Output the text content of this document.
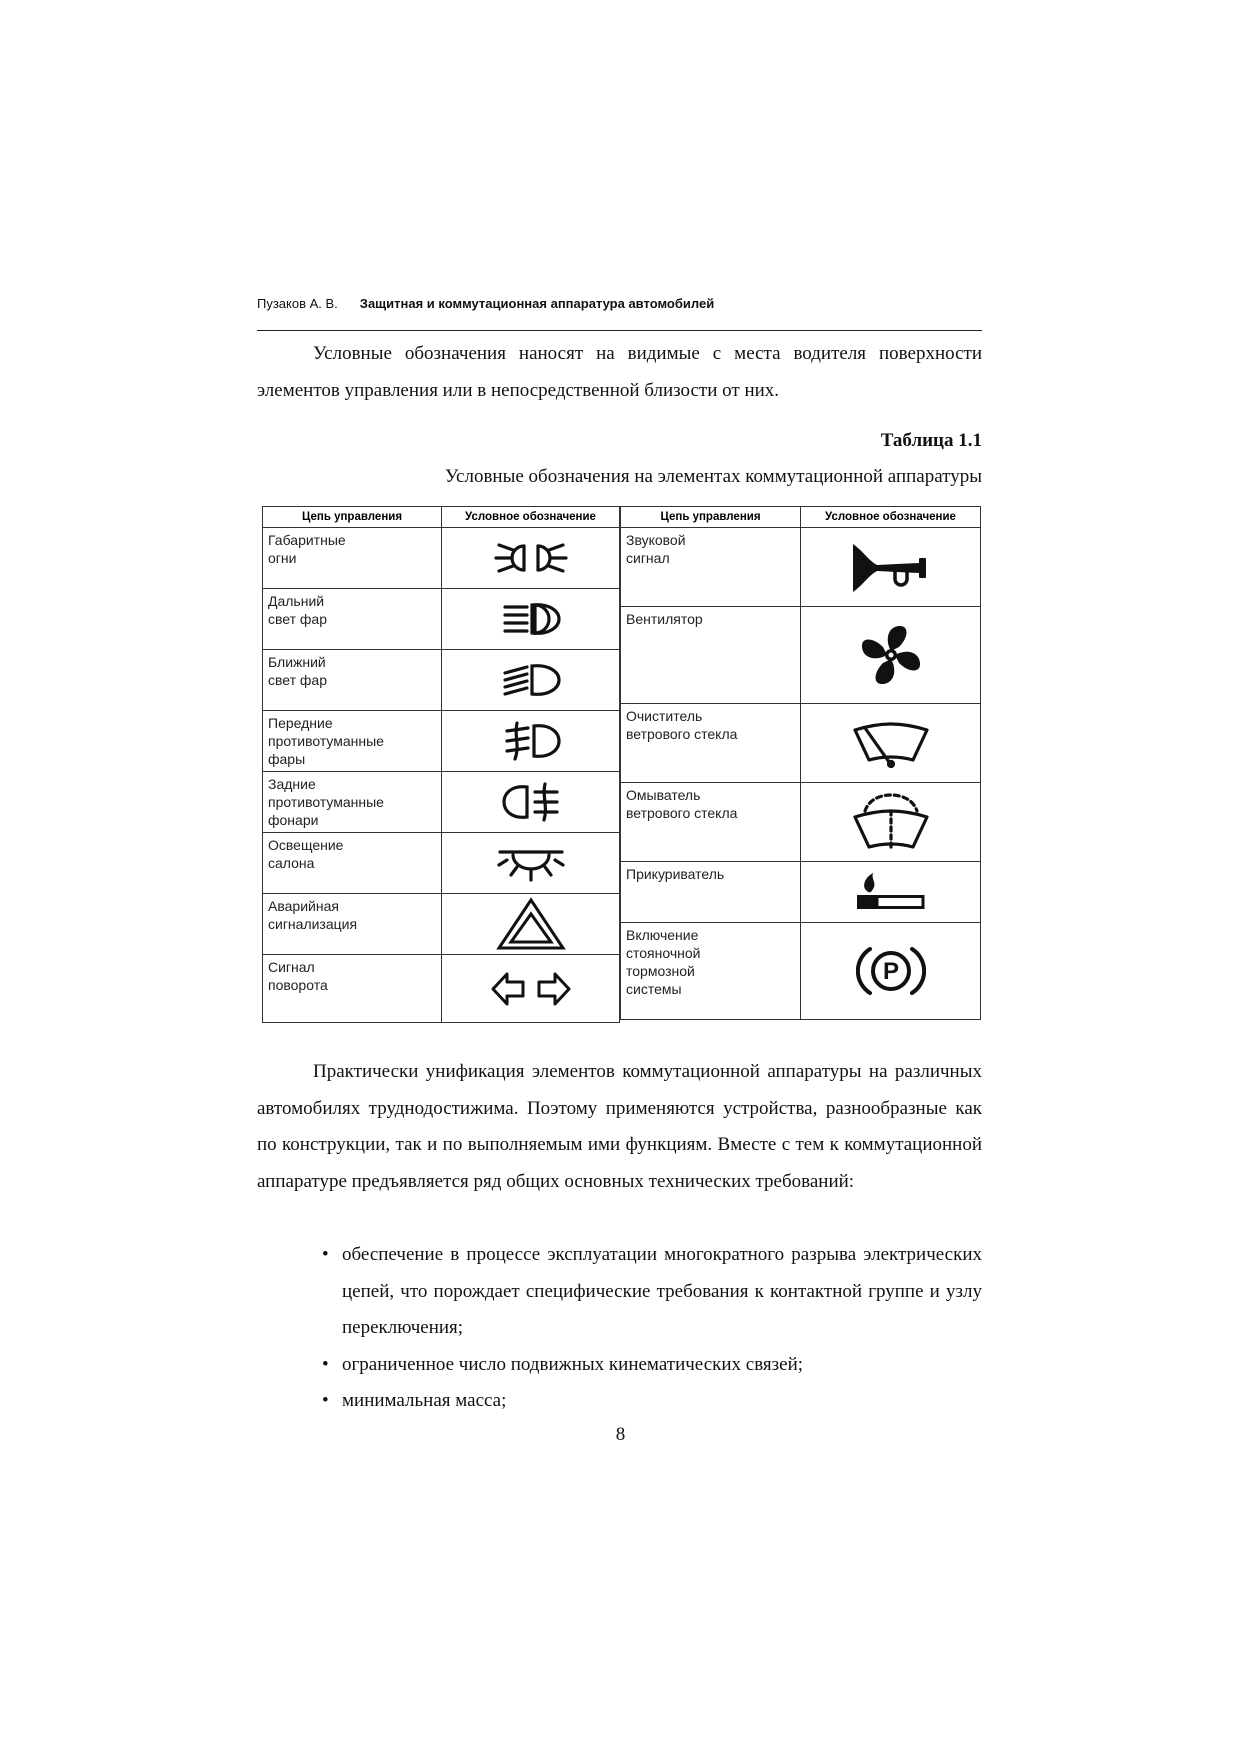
Пузаков А. В. Защитная и коммутационная аппаратура автомобилей

Условные обозначения наносят на видимые с места водителя поверхности элементов управления или в непосредственной близости от них.

Таблица 1.1
Условные обозначения на элементах коммутационной аппаратуры
Цепь управления	Условное обозначение
Габаритные
огни	

Дальний
свет фар	

Ближний
свет фар	

Передние
противотуманные
фары	

Задние
противотуманные
фонари	

Освещение
салона	

Аварийная
сигнализация	

Сигнал
поворота	
Цепь управления	Условное обозначение
Звуковой
сигнал	

Вентилятор	

Очиститель
ветрового стекла	

Омыватель
ветрового стекла	

Прикуриватель	

Включение
стояночной
тормозной
системы	P

Практически унификация элементов коммутационной аппаратуры на различных автомобилях труднодостижима. Поэтому применяются устройства, разнообразные как по конструкции, так и по выполняемым ими функциям. Вместе с тем к коммутационной аппаратуре предъявляется ряд общих основных технических требований:

• обеспечение в процессе эксплуатации многократного разрыва электрических цепей, что порождает специфические требования к контактной группе и узлу переключения;
• ограниченное число подвижных кинематических связей;
• минимальная масса;
8
